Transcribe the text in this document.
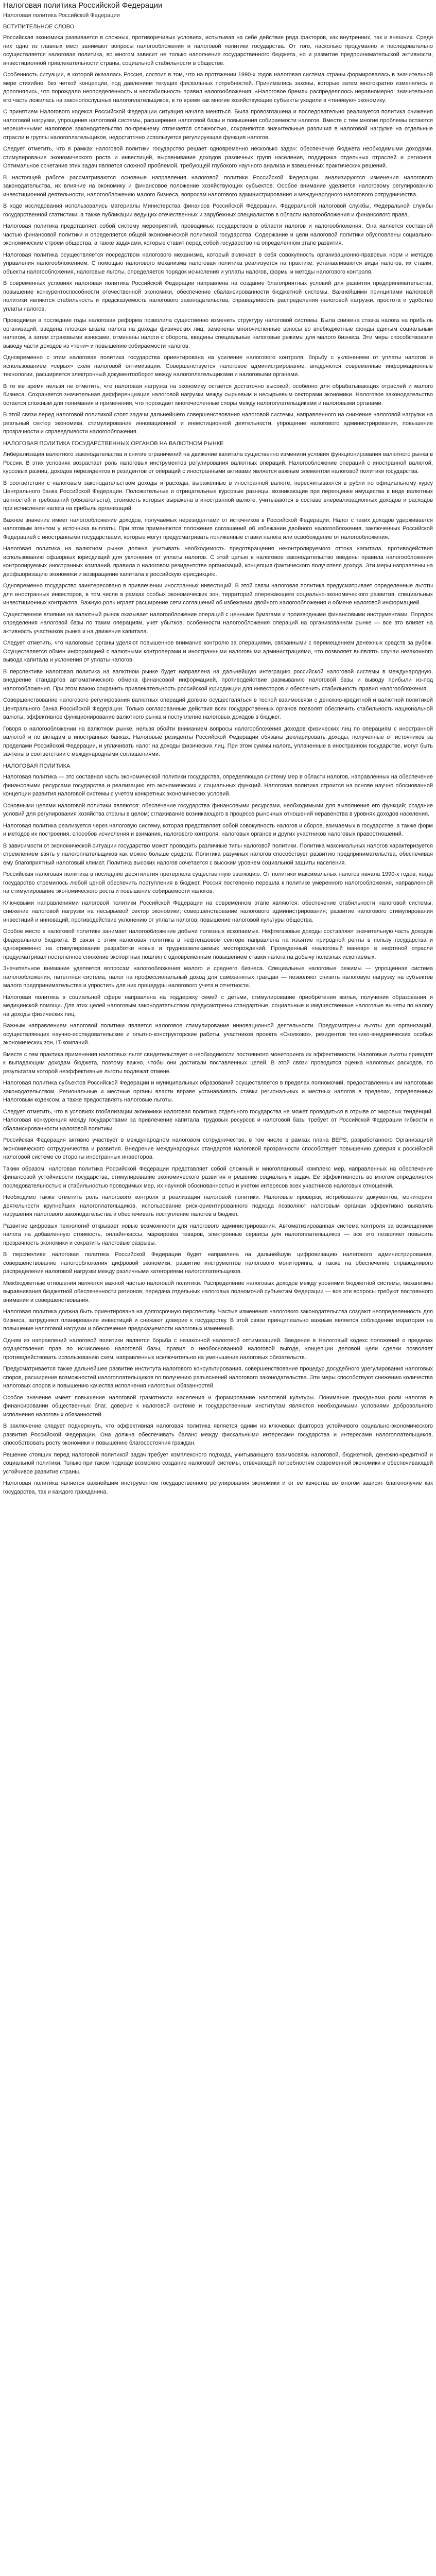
Налоговая политика Российской Федерации
Налоговая политика Российской Федерации
ВСТУПИТЕЛЬНОЕ СЛОВО

Российская экономика развивается в сложных, противоречивых условиях, испытывая на себе действие ряда факторов, как внутренних, так и внешних. Среди них одно из главных мест занимают вопросы налогообложения и налоговой политики государства. От того, насколько продуманно и последовательно осуществляется налоговая политика, во многом зависит не только наполнение государственного бюджета, но и развитие предпринимательской активности, инвестиционной привлекательности страны, социальной стабильности в обществе.

Особенность ситуации, в которой оказалась Россия, состоит в том, что на протяжении 1990-х годов налоговая система страны формировалась в значительной мере стихийно, без четкой концепции, под давлением текущих фискальных потребностей. Принимались законы, которые затем многократно изменялись и дополнялись, что порождало неопределенность и нестабильность правил налогообложения. «Налоговое бремя» распределялось неравномерно: значительная его часть ложилась на законопослушных налогоплательщиков, в то время как многие хозяйствующие субъекты уходили в «теневую» экономику.

С принятием Налогового кодекса Российской Федерации ситуация начала меняться. Была провозглашена и последовательно реализуется политика снижения налоговой нагрузки, упрощения налоговой системы, расширения налоговой базы и повышения собираемости налогов. Вместе с тем многие проблемы остаются нерешенными: налоговое законодательство по-прежнему отличается сложностью, сохраняются значительные различия в налоговой нагрузке на отдельные отрасли и группы налогоплательщиков, недостаточно используется регулирующая функция налогов.

Следует отметить, что в рамках налоговой политики государство решает одновременно несколько задач: обеспечение бюджета необходимыми доходами, стимулирование экономического роста и инвестиций, выравнивание доходов различных групп населения, поддержка отдельных отраслей и регионов. Оптимальное сочетание этих задач является сложной проблемой, требующей глубокого научного анализа и взвешенных практических решений.

В настоящей работе рассматриваются основные направления налоговой политики Российской Федерации, анализируются изменения налогового законодательства, их влияние на экономику и финансовое положение хозяйствующих субъектов. Особое внимание уделяется налоговому регулированию инвестиционной деятельности, налогообложению малого бизнеса, вопросам налогового администрирования и международного налогового сотрудничества.

В ходе исследования использовались материалы Министерства финансов Российской Федерации, Федеральной налоговой службы, Федеральной службы государственной статистики, а также публикации ведущих отечественных и зарубежных специалистов в области налогообложения и финансового права.

Налоговая политика представляет собой систему мероприятий, проводимых государством в области налогов и налогообложения. Она является составной частью финансовой политики и определяется общей экономической политикой государства. Содержание и цели налоговой политики обусловлены социально-экономическим строем общества, а также задачами, которые ставит перед собой государство на определенном этапе развития.

Налоговая политика осуществляется посредством налогового механизма, который включает в себя совокупность организационно-правовых норм и методов управления налогообложением. С помощью налогового механизма налоговая политика реализуется на практике: устанавливаются виды налогов, их ставки, объекты налогообложения, налоговые льготы, определяется порядок исчисления и уплаты налогов, формы и методы налогового контроля.

В современных условиях налоговая политика Российской Федерации направлена на создание благоприятных условий для развития предпринимательства, повышение конкурентоспособности отечественной экономики, обеспечение сбалансированности бюджетной системы. Важнейшими принципами налоговой политики являются стабильность и предсказуемость налогового законодательства, справедливость распределения налоговой нагрузки, простота и удобство уплаты налогов.

Проводимая в последние годы налоговая реформа позволила существенно изменить структуру налоговой системы. Была снижена ставка налога на прибыль организаций, введена плоская шкала налога на доходы физических лиц, заменены многочисленные взносы во внебюджетные фонды единым социальным налогом, а затем страховыми взносами, отменены налоги с оборота, введены специальные налоговые режимы для малого бизнеса. Эти меры способствовали выводу части доходов из «тени» и повышению собираемости налогов.

Одновременно с этим налоговая политика государства ориентирована на усиление налогового контроля, борьбу с уклонением от уплаты налогов и использованием «серых» схем налоговой оптимизации. Совершенствуется налоговое администрирование, внедряются современные информационные технологии, расширяется электронный документооборот между налогоплательщиками и налоговыми органами.

В то же время нельзя не отметить, что налоговая нагрузка на экономику остается достаточно высокой, особенно для обрабатывающих отраслей и малого бизнеса. Сохраняется значительная дифференциация налоговой нагрузки между сырьевым и несырьевым секторами экономики. Налоговое законодательство остается сложным для понимания и применения, что порождает многочисленные споры между налогоплательщиками и налоговыми органами.

В этой связи перед налоговой политикой стоят задачи дальнейшего совершенствования налоговой системы, направленного на снижение налоговой нагрузки на реальный сектор экономики, стимулирование инновационной и инвестиционной деятельности, упрощение налогового администрирования, повышение прозрачности и справедливости налогообложения.

НАЛОГОВАЯ ПОЛИТИКА ГОСУДАРСТВЕННЫХ ОРГАНОВ НА ВАЛЮТНОМ РЫНКЕ

Либерализация валютного законодательства и снятие ограничений на движение капитала существенно изменили условия функционирования валютного рынка в России. В этих условиях возрастает роль налоговых инструментов регулирования валютных операций. Налогообложение операций с иностранной валютой, курсовых разниц, доходов нерезидентов и резидентов от операций с иностранными активами является важным элементом налоговой политики государства.

В соответствии с налоговым законодательством доходы и расходы, выраженные в иностранной валюте, пересчитываются в рубли по официальному курсу Центрального банка Российской Федерации. Положительные и отрицательные курсовые разницы, возникающие при переоценке имущества в виде валютных ценностей и требований (обязательств), стоимость которых выражена в иностранной валюте, учитываются в составе внереализационных доходов и расходов при исчислении налога на прибыль организаций.

Важное значение имеет налогообложение доходов, получаемых нерезидентами от источников в Российской Федерации. Налог с таких доходов удерживается налоговым агентом у источника выплаты. При этом применяются положения соглашений об избежании двойного налогообложения, заключенных Российской Федерацией с иностранными государствами, которые могут предусматривать пониженные ставки налога или освобождение от налогообложения.

Налоговая политика на валютном рынке должна учитывать необходимость предотвращения неконтролируемого оттока капитала, противодействия использованию офшорных юрисдикций для уклонения от уплаты налогов. С этой целью в налоговое законодательство введены правила налогообложения контролируемых иностранных компаний, правила о налоговом резидентстве организаций, концепция фактического получателя дохода. Эти меры направлены на деофшоризацию экономики и возвращение капитала в российскую юрисдикцию.

Одновременно государство заинтересовано в привлечении иностранных инвестиций. В этой связи налоговая политика предусматривает определенные льготы для иностранных инвесторов, в том числе в рамках особых экономических зон, территорий опережающего социально-экономического развития, специальных инвестиционных контрактов. Важную роль играет расширение сети соглашений об избежании двойного налогообложения и обмене налоговой информацией.

Существенное влияние на валютный рынок оказывает налогообложение операций с ценными бумагами и производными финансовыми инструментами. Порядок определения налоговой базы по таким операциям, учет убытков, особенности налогообложения операций на организованном рынке — все это влияет на активность участников рынка и на движение капитала.

Следует отметить, что налоговые органы уделяют повышенное внимание контролю за операциями, связанными с перемещением денежных средств за рубеж. Осуществляется обмен информацией с валютными контролерами и иностранными налоговыми администрациями, что позволяет выявлять случаи незаконного вывода капитала и уклонения от уплаты налогов.

В перспективе налоговая политика на валютном рынке будет направлена на дальнейшую интеграцию российской налоговой системы в международную, внедрение стандартов автоматического обмена финансовой информацией, противодействие размыванию налоговой базы и выводу прибыли из-под налогообложения. При этом важно сохранить привлекательность российской юрисдикции для инвесторов и обеспечить стабильность правил налогообложения.

Совершенствование налогового регулирования валютных операций должно осуществляться в тесной взаимосвязи с денежно-кредитной и валютной политикой Центрального банка Российской Федерации. Только согласованные действия всех государственных органов позволят обеспечить стабильность национальной валюты, эффективное функционирование валютного рынка и поступление налоговых доходов в бюджет.

Говоря о налогообложении на валютном рынке, нельзя обойти вниманием вопросы налогообложения доходов физических лиц по операциям с иностранной валютой и по вкладам в иностранных банках. Налоговые резиденты Российской Федерации обязаны декларировать доходы, полученные от источников за пределами Российской Федерации, и уплачивать налог на доходы физических лиц. При этом суммы налога, уплаченные в иностранном государстве, могут быть зачтены в соответствии с международными соглашениями.

НАЛОГОВАЯ ПОЛИТИКА

Налоговая политика — это составная часть экономической политики государства, определяющая систему мер в области налогов, направленных на обеспечение финансовыми ресурсами государства и реализацию его экономических и социальных функций. Налоговая политика строится на основе научно обоснованной концепции развития налоговой системы с учетом конкретных экономических условий.

Основными целями налоговой политики являются: обеспечение государства финансовыми ресурсами, необходимыми для выполнения его функций; создание условий для регулирования хозяйства страны в целом; сглаживание возникающего в процессе рыночных отношений неравенства в уровнях доходов населения.

Налоговая политика реализуется через налоговую систему, которая представляет собой совокупность налогов и сборов, взимаемых в государстве, а также форм и методов их построения, способов исчисления и взимания, налогового контроля, налоговых органов и других участников налоговых правоотношений.

В зависимости от экономической ситуации государство может проводить различные типы налоговой политики. Политика максимальных налогов характеризуется стремлением взять у налогоплательщиков как можно больше средств. Политика разумных налогов способствует развитию предпринимательства, обеспечивая ему благоприятный налоговый климат. Политика высоких налогов сочетается с высоким уровнем социальной защиты населения.

Российская налоговая политика в последние десятилетия претерпела существенную эволюцию. От политики максимальных налогов начала 1990-х годов, когда государство стремилось любой ценой обеспечить поступления в бюджет, Россия постепенно перешла к политике умеренного налогообложения, направленной на стимулирование экономического роста и повышение собираемости налогов.

Ключевыми направлениями налоговой политики Российской Федерации на современном этапе являются: обеспечение стабильности налоговой системы; снижение налоговой нагрузки на несырьевой сектор экономики; совершенствование налогового администрирования; развитие налогового стимулирования инвестиций и инноваций; противодействие уклонению от уплаты налогов; повышение налоговой культуры общества.

Особое место в налоговой политике занимает налогообложение добычи полезных ископаемых. Нефтегазовые доходы составляют значительную часть доходов федерального бюджета. В связи с этим налоговая политика в нефтегазовом секторе направлена на изъятие природной ренты в пользу государства и одновременно на стимулирование разработки новых и трудноизвлекаемых месторождений. Проведенный «налоговый маневр» в нефтяной отрасли предусматривал постепенное снижение экспортных пошлин с одновременным повышением ставки налога на добычу полезных ископаемых.

Значительное внимание уделяется вопросам налогообложения малого и среднего бизнеса. Специальные налоговые режимы — упрощенная система налогообложения, патентная система, налог на профессиональный доход для самозанятых граждан — позволяют снизить налоговую нагрузку на субъектов малого предпринимательства и упростить для них процедуры налогового учета и отчетности.

Налоговая политика в социальной сфере направлена на поддержку семей с детьми, стимулирование приобретения жилья, получения образования и медицинской помощи. Для этих целей налоговым законодательством предусмотрены стандартные, социальные и имущественные налоговые вычеты по налогу на доходы физических лиц.

Важным направлением налоговой политики является налоговое стимулирование инновационной деятельности. Предусмотрены льготы для организаций, осуществляющих научно-исследовательские и опытно-конструкторские работы, участников проекта «Сколково», резидентов технико-внедренческих особых экономических зон, IT-компаний.

Вместе с тем практика применения налоговых льгот свидетельствует о необходимости постоянного мониторинга их эффективности. Налоговые льготы приводят к выпадающим доходам бюджета, поэтому важно, чтобы они достигали поставленных целей. В этой связи проводится оценка налоговых расходов, по результатам которой неэффективные льготы подлежат отмене.

Налоговая политика субъектов Российской Федерации и муниципальных образований осуществляется в пределах полномочий, предоставленных им налоговым законодательством. Региональные и местные органы власти вправе устанавливать ставки региональных и местных налогов в пределах, определенных Налоговым кодексом, а также предоставлять налоговые льготы.

Следует отметить, что в условиях глобализации экономики налоговая политика отдельного государства не может проводиться в отрыве от мировых тенденций. Налоговая конкуренция между государствами за привлечение капитала, трудовых ресурсов и налоговой базы требует от Российской Федерации гибкости и сбалансированности налоговой политики.

Российская Федерация активно участвует в международном налоговом сотрудничестве, в том числе в рамках плана BEPS, разработанного Организацией экономического сотрудничества и развития. Внедрение международных стандартов налоговой прозрачности способствует повышению доверия к российской налоговой системе со стороны иностранных инвесторов.

Таким образом, налоговая политика Российской Федерации представляет собой сложный и многоплановый комплекс мер, направленных на обеспечение финансовой устойчивости государства, стимулирование экономического развития и решение социальных задач. Ее эффективность во многом определяется последовательностью и стабильностью проводимых мер, их научной обоснованностью и учетом интересов всех участников налоговых отношений.

Необходимо также отметить роль налогового контроля в реализации налоговой политики. Налоговые проверки, истребование документов, мониторинг деятельности крупнейших налогоплательщиков, использование риск-ориентированного подхода позволяют налоговым органам эффективно выявлять нарушения налогового законодательства и обеспечивать поступление налогов в бюджет.

Развитие цифровых технологий открывает новые возможности для налогового администрирования. Автоматизированная система контроля за возмещением налога на добавленную стоимость, онлайн-кассы, маркировка товаров, электронные сервисы для налогоплательщиков — все это позволяет повысить прозрачность экономики и сократить налоговые разрывы.

В перспективе налоговая политика Российской Федерации будет направлена на дальнейшую цифровизацию налогового администрирования, совершенствование налогообложения цифровой экономики, развитие инструментов налогового мониторинга, а также на обеспечение справедливого распределения налоговой нагрузки между различными категориями налогоплательщиков.

Межбюджетные отношения являются важной частью налоговой политики. Распределение налоговых доходов между уровнями бюджетной системы, механизмы выравнивания бюджетной обеспеченности регионов, передача отдельных налоговых полномочий субъектам Федерации — все эти вопросы требуют постоянного внимания и совершенствования.

Налоговая политика должна быть ориентирована на долгосрочную перспективу. Частые изменения налогового законодательства создают неопределенность для бизнеса, затрудняют планирование инвестиций и снижают доверие к государству. В этой связи принципиально важным является соблюдение моратория на повышение налоговой нагрузки и обеспечение предсказуемости налоговых изменений.

Одним из направлений налоговой политики является борьба с незаконной налоговой оптимизацией. Введение в Налоговый кодекс положений о пределах осуществления прав по исчислению налоговой базы, правил о необоснованной налоговой выгоде, концепции деловой цели сделки позволяет противодействовать использованию схем, направленных исключительно на уменьшение налоговых обязательств.

Предусматривается также дальнейшее развитие института налогового консультирования, совершенствование процедур досудебного урегулирования налоговых споров, расширение возможностей налогоплательщиков по получению разъяснений налогового законодательства. Эти меры способствуют снижению количества налоговых споров и повышению качества исполнения налоговых обязанностей.

Особое значение имеет повышение налоговой грамотности населения и формирование налоговой культуры. Понимание гражданами роли налогов в финансировании общественных благ, доверие к налоговой системе и государственным институтам являются необходимыми условиями добровольного исполнения налоговых обязанностей.

В заключение следует подчеркнуть, что эффективная налоговая политика является одним из ключевых факторов устойчивого социально-экономического развития Российской Федерации. Она должна обеспечивать баланс между фискальными интересами государства и интересами налогоплательщиков, способствовать росту экономики и повышению благосостояния граждан.

Решение стоящих перед налоговой политикой задач требует комплексного подхода, учитывающего взаимосвязь налоговой, бюджетной, денежно-кредитной и социальной политики. Только при таком подходе возможно создание налоговой системы, отвечающей потребностям современной экономики и обеспечивающей устойчивое развитие страны.

Налоговая политика является важнейшим инструментом государственного регулирования экономики и от ее качества во многом зависит благополучие как государства, так и каждого гражданина.
